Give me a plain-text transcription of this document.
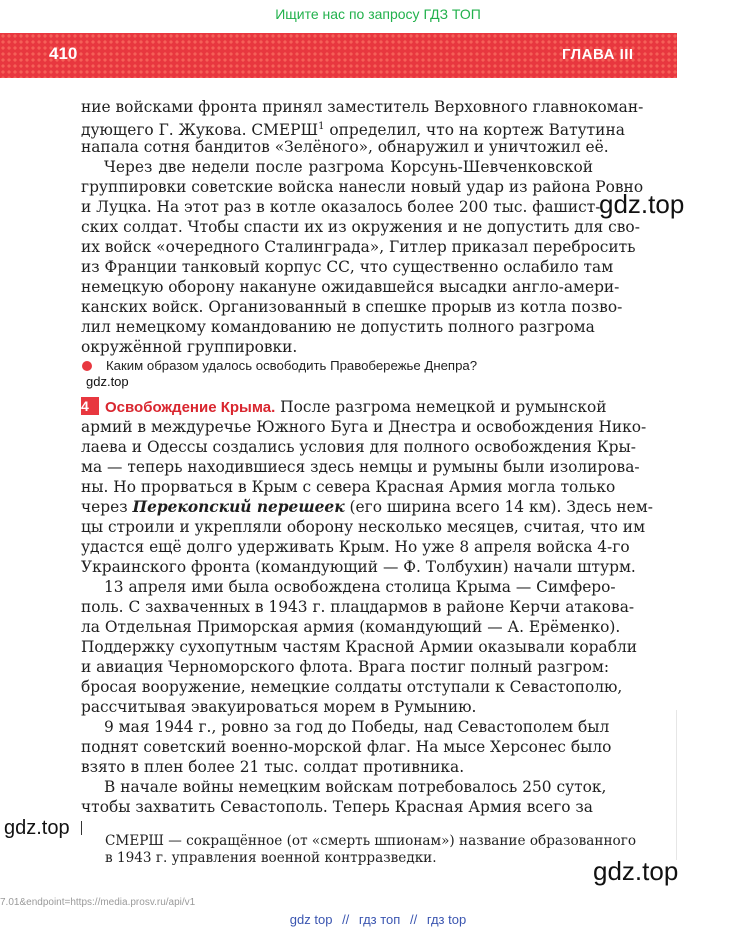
Ищите нас по запросу ГДЗ ТОП
410	ГЛАВА III
ние войсками фронта принял заместитель Верховного главнокоман-
дующего Г. Жукова. СМЕРШ$^1$ определил, что на кортеж Ватутина
напала сотня бандитов «Зелёного», обнаружил и уничтожил её.
Через две недели после разгрома Корсунь-Шевченковской
группировки советские войска нанесли новый удар из района Ровно
и Луцка. На этот раз в котле оказалось более 200 тыс. фашист-
ских солдат. Чтобы спасти их из окружения и не допустить для сво-
их войск «очередного Сталинграда», Гитлер приказал перебросить
из Франции танковый корпус СС, что существенно ослабило там
немецкую оборону накануне ожидавшейся высадки англо-амери-
канских войск. Организованный в спешке прорыв из котла позво-
лил немецкому командованию не допустить полного разгрома
окружённой группировки.
Каким образом удалось освободить Правобережье Днепра?
4 Освобождение Крыма. После разгрома немецкой и румынской
армий в междуречье Южного Буга и Днестра и освобождения Нико-
лаева и Одессы создались условия для полного освобождения Кры-
ма — теперь находившиеся здесь немцы и румыны были изолирова-
ны. Но прорваться в Крым с севера Красная Армия могла только
через Перекопский перешеек (его ширина всего 14 км). Здесь нем-
цы строили и укрепляли оборону несколько месяцев, считая, что им
удастся ещё долго удерживать Крым. Но уже 8 апреля войска 4-го
Украинского фронта (командующий — Ф. Толбухин) начали штурм.
13 апреля ими была освобождена столица Крыма — Симферо-
поль. С захваченных в 1943 г. плацдармов в районе Керчи атакова-
ла Отдельная Приморская армия (командующий — А. Ерёменко).
Поддержку сухопутным частям Красной Армии оказывали корабли
и авиация Черноморского флота. Врага постиг полный разгром:
бросая вооружение, немецкие солдаты отступали к Севастополю,
рассчитывая эвакуироваться морем в Румынию.
9 мая 1944 г., ровно за год до Победы, над Севастополем был
поднят советский военно-морской флаг. На мысе Херсонес было
взято в плен более 21 тыс. солдат противника.
В начале войны немецким войскам потребовалось 250 суток,
чтобы захватить Севастополь. Теперь Красная Армия всего за
СМЕРШ — сокращённое (от «смерть шпионам») название образованного
в 1943 г. управления военной контрразведки.
gdz.top
gdz.top
gdz.top
gdz.top
7.01&endpoint=https://media.prosv.ru/api/v1
gdz top // гдз топ // гдз top
